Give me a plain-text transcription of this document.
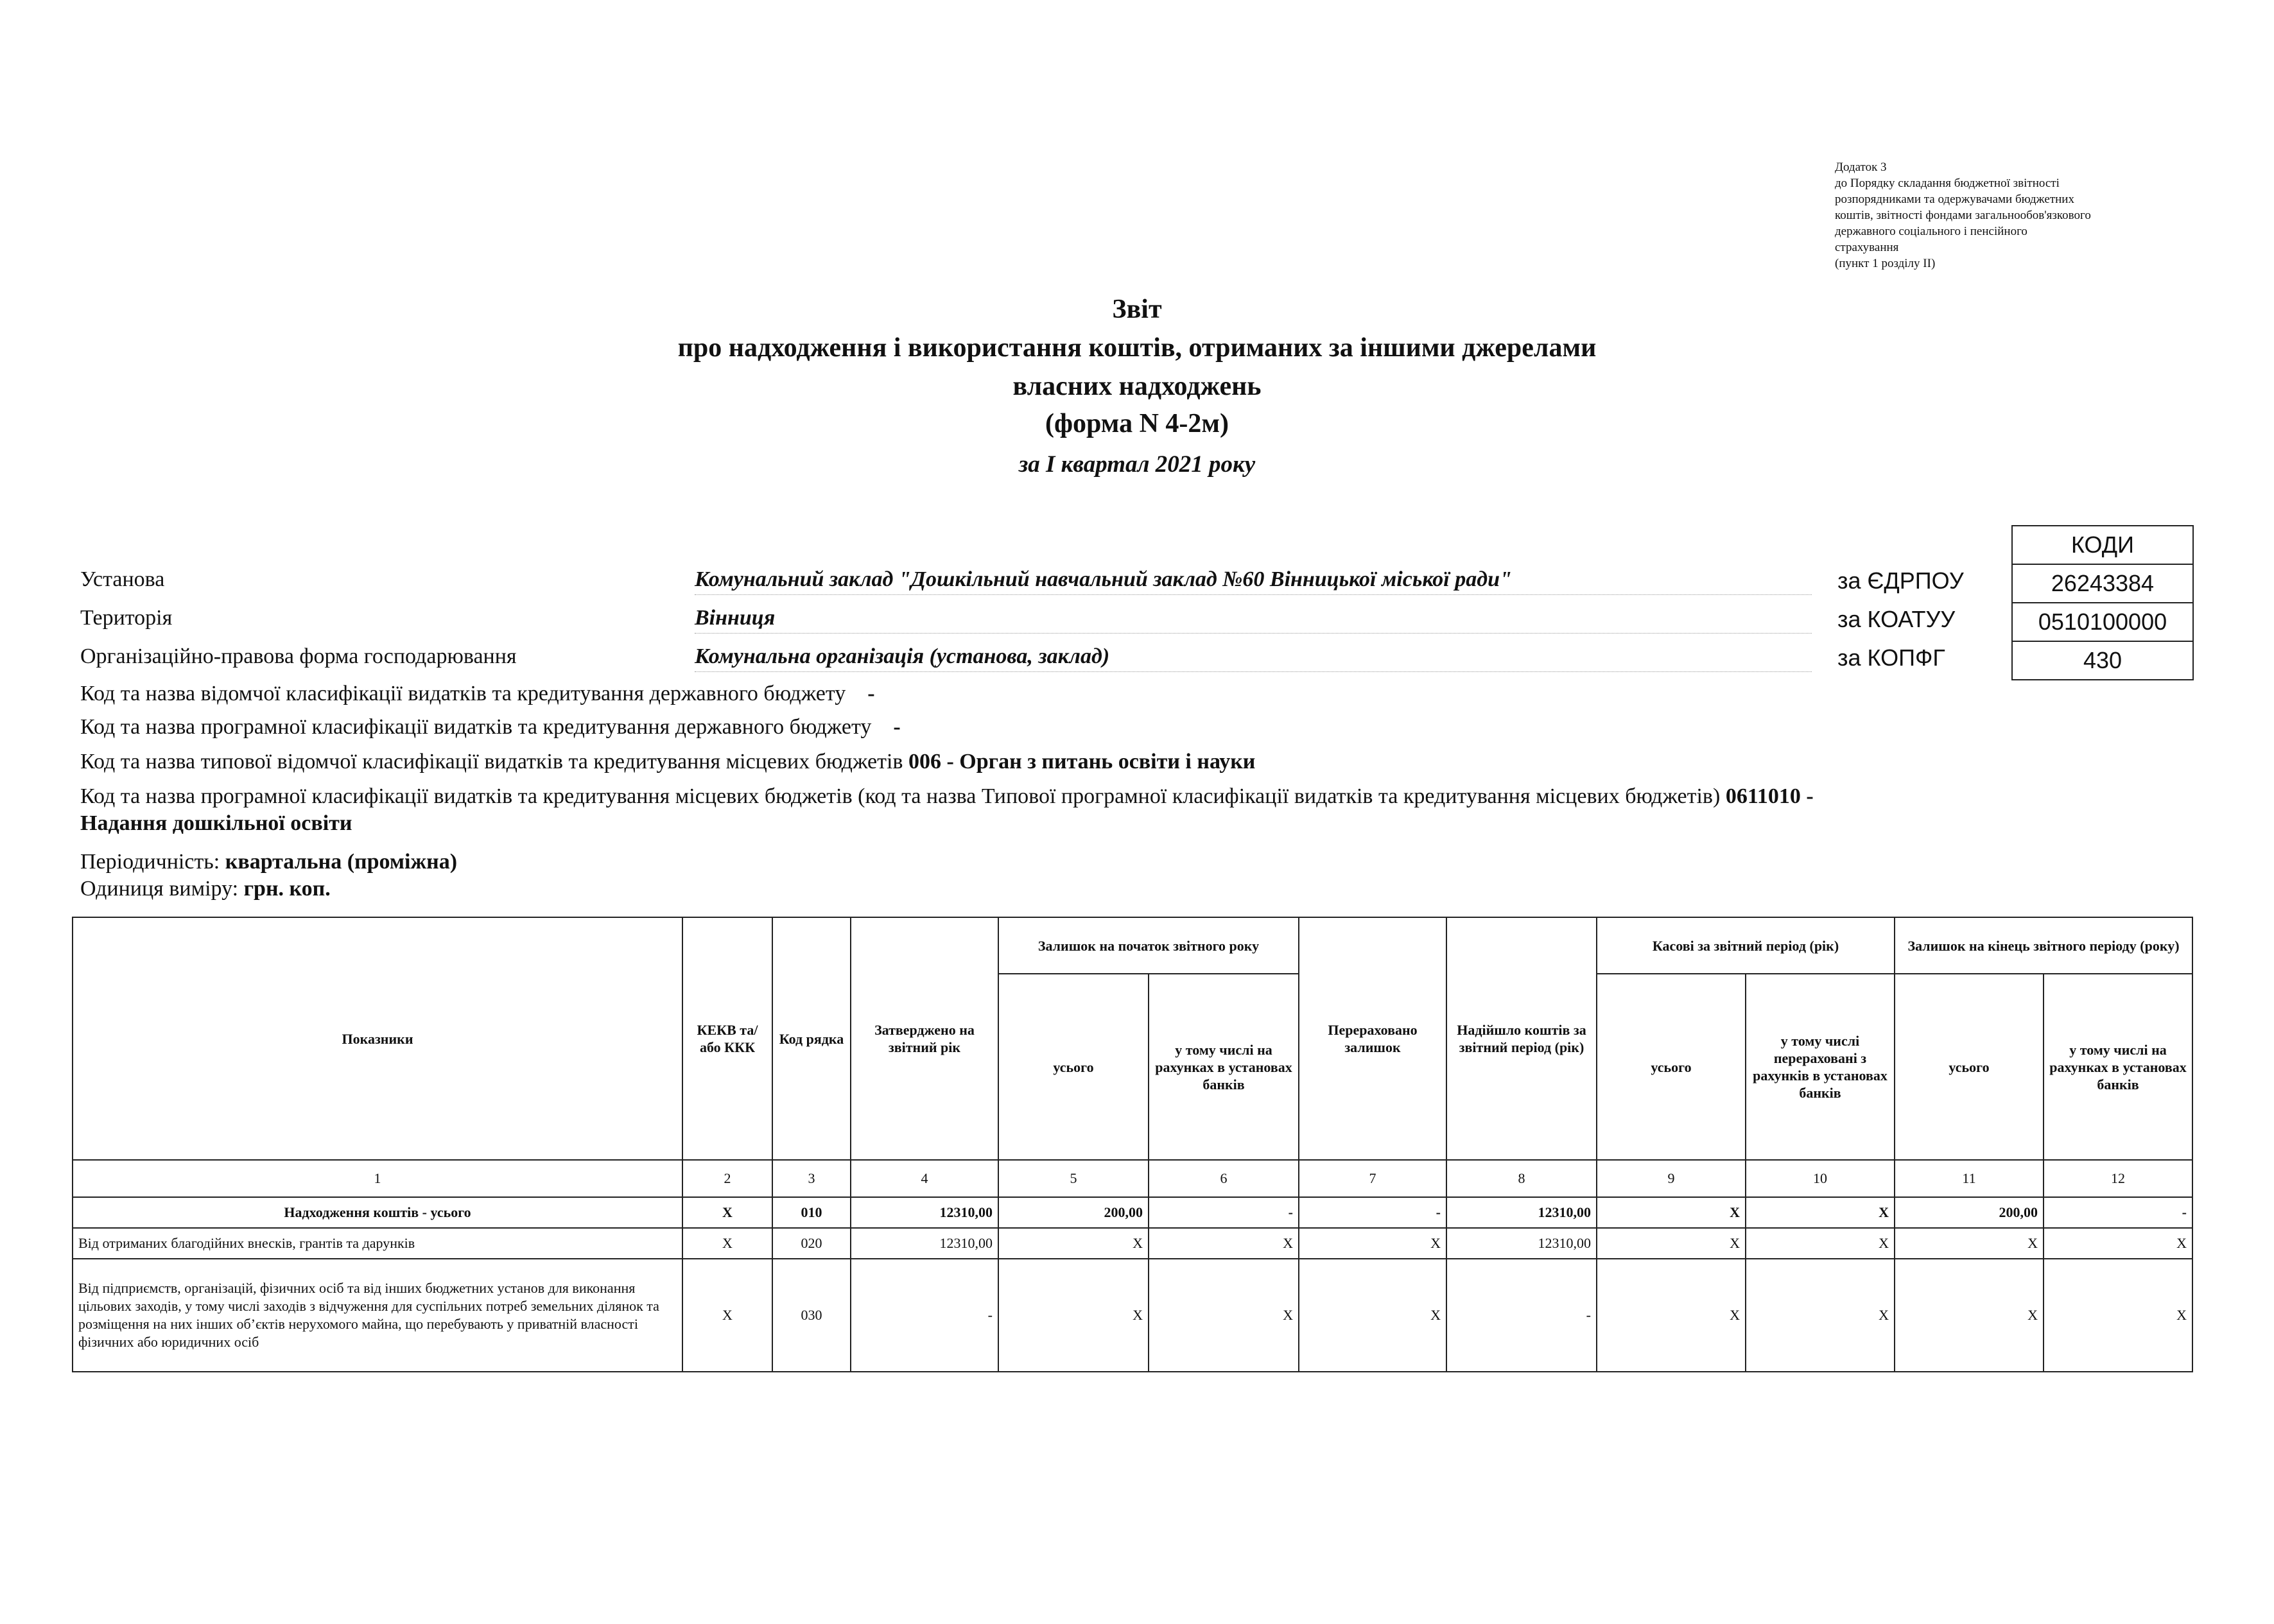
Додаток 3
до Порядку складання бюджетної звітності
розпорядниками та одержувачами бюджетних
коштів, звітності фондами загальнообов'язкового
державного соціального і пенсійного
страхування
(пункт 1 розділу II)
Звіт
про надходження і використання коштів, отриманих за іншими джерелами
власних надходжень
(форма N 4-2м)
за I квартал 2021 року
КОДИ
26243384
0510100000
430
Установа	Комунальний заклад "Дошкільний навчальний заклад №60 Вінницької міської ради"	за ЄДРПОУ
Територія	Вінниця	за КОАТУУ
Організаційно-правова форма господарювання	Комунальна організація (установа, заклад)	за КОПФГ
Код та назва відомчої класифікації видатків та кредитування державного бюджету -
Код та назва програмної класифікації видатків та кредитування державного бюджету -
Код та назва типової відомчої класифікації видатків та кредитування місцевих бюджетів 006 - Орган з питань освіти і науки
Код та назва програмної класифікації видатків та кредитування місцевих бюджетів (код та назва Типової програмної класифікації видатків та кредитування місцевих бюджетів) 0611010 - Надання дошкільної освіти
Періодичність: квартальна (проміжна)
Одиниця виміру: грн. коп.
Показники	КЕКВ та/або ККК	Код рядка	Затверджено на звітний рік	Залишок на початок звітного року		Перераховано залишок	Надійшло коштів за звітний період (рік)	Касові за звітний період (рік)		Залишок на кінець звітного періоду (року)	
				усього	у тому числі на рахунках в установах банків			усього	у тому числі перераховані з рахунків в установах банків	усього	у тому числі на рахунках в установах банків
1	2	3	4	5	6	7	8	9	10	11	12
Надходження коштів - усього	X	010	12310,00	200,00	-	-	12310,00	X	X	200,00	-
Від отриманих благодійних внесків, грантів та дарунків	X	020	12310,00	X	X	X	12310,00	X	X	X	X
Від підприємств, організацій, фізичних осіб та від інших бюджетних установ для виконання цільових заходів, у тому числі заходів з відчуження для суспільних потреб земельних ділянок та розміщення на них інших об’єктів нерухомого майна, що перебувають у приватній власності фізичних або юридичних осіб	X	030	-	X	X	X	-	X	X	X	X
